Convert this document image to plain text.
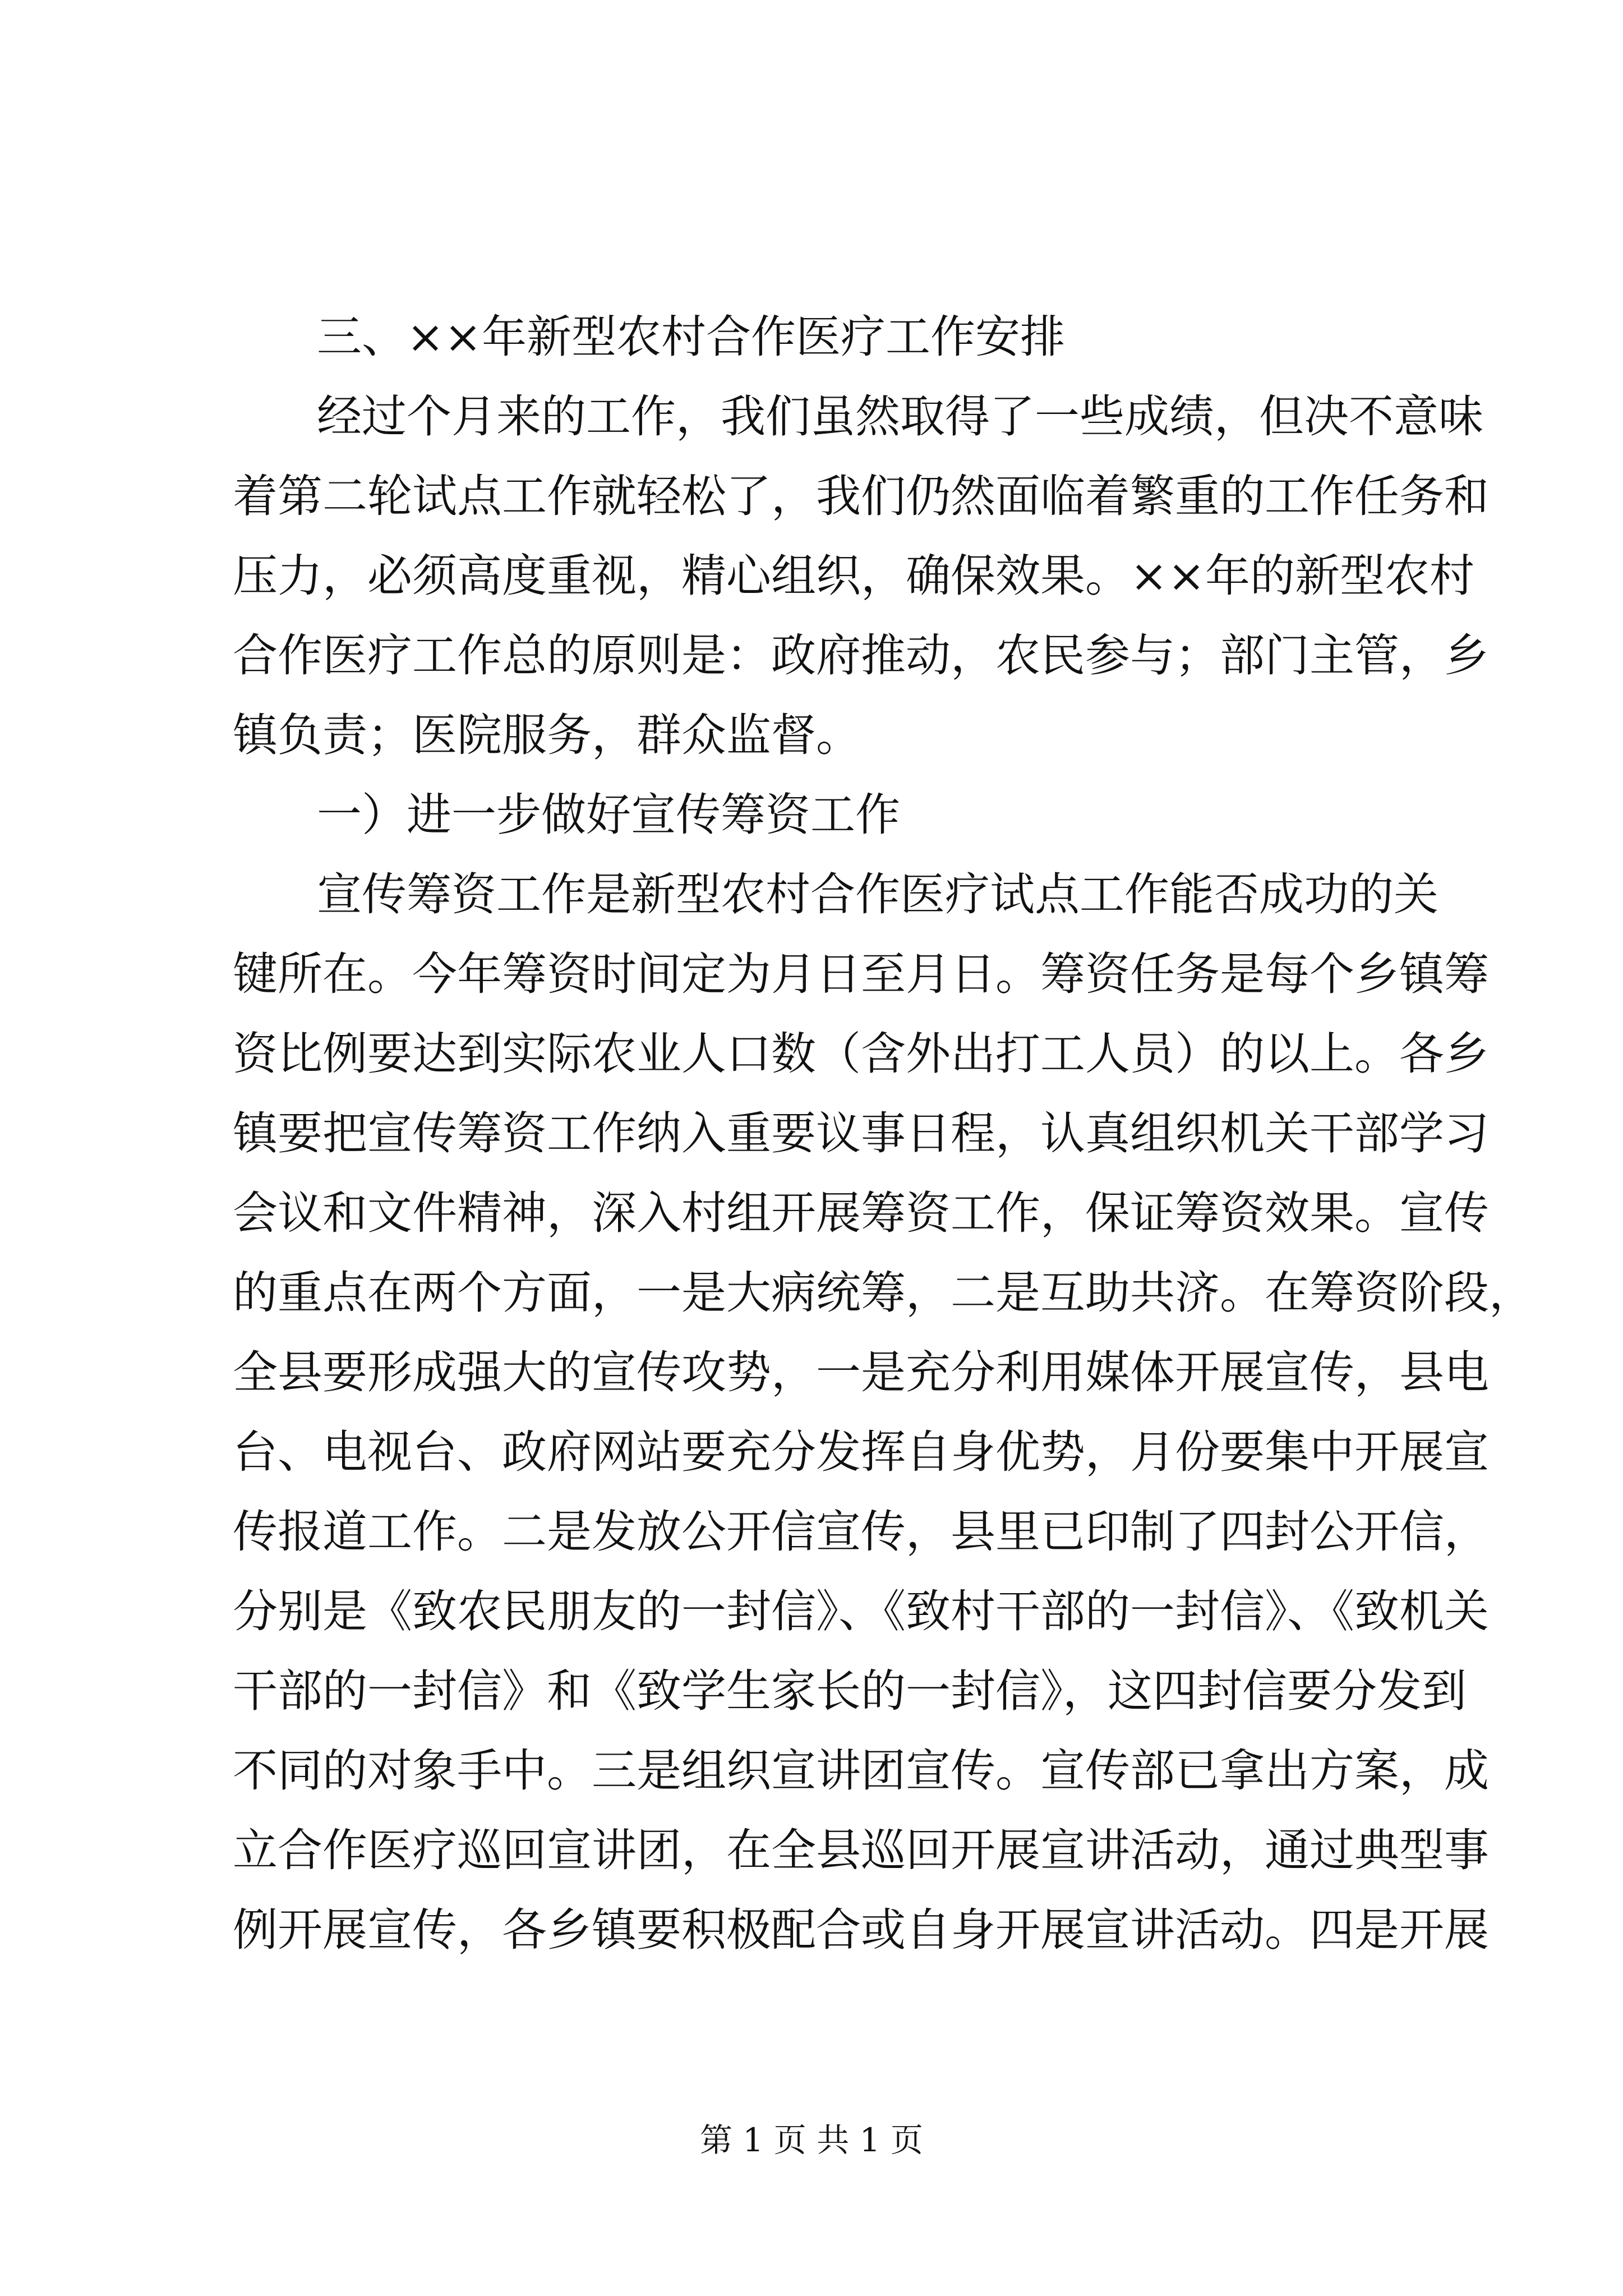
三、××年新型农村合作医疗工作安排
经过个月来的工作，我们虽然取得了一些成绩，但决不意味
着第二轮试点工作就轻松了，我们仍然面临着繁重的工作任务和
压力，必须高度重视，精心组织，确保效果。××年的新型农村
合作医疗工作总的原则是：政府推动，农民参与；部门主管，乡
镇负责；医院服务，群众监督。
一）进一步做好宣传筹资工作
宣传筹资工作是新型农村合作医疗试点工作能否成功的关
键所在。今年筹资时间定为月日至月日。筹资任务是每个乡镇筹
资比例要达到实际农业人口数（含外出打工人员）的以上。各乡
镇要把宣传筹资工作纳入重要议事日程，认真组织机关干部学习
会议和文件精神，深入村组开展筹资工作，保证筹资效果。宣传
的重点在两个方面，一是大病统筹，二是互助共济。在筹资阶段，
全县要形成强大的宣传攻势，一是充分利用媒体开展宣传，县电
台、电视台、政府网站要充分发挥自身优势，月份要集中开展宣
传报道工作。二是发放公开信宣传，县里已印制了四封公开信，
分别是《致农民朋友的一封信》、《致村干部的一封信》、《致机关
干部的一封信》和《致学生家长的一封信》，这四封信要分发到
不同的对象手中。三是组织宣讲团宣传。宣传部已拿出方案，成
立合作医疗巡回宣讲团，在全县巡回开展宣讲活动，通过典型事
例开展宣传，各乡镇要积极配合或自身开展宣讲活动。四是开展
第 1 页 共 1 页
